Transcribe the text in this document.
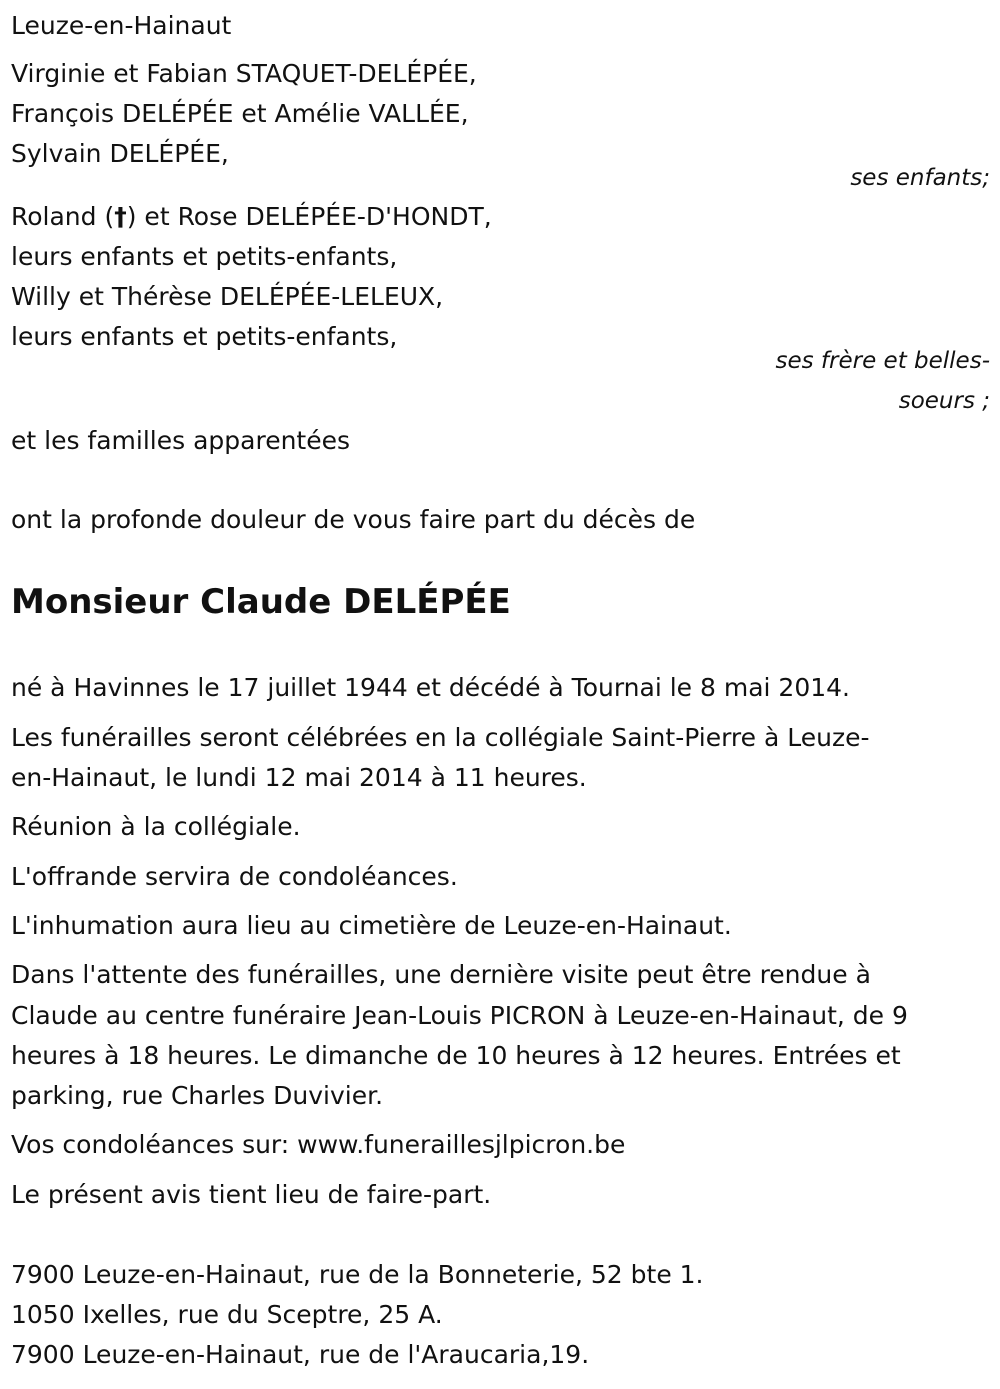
Leuze-en-Hainaut
Virginie et Fabian STAQUET-DELÉPÉE,
François DELÉPÉE et Amélie VALLÉE,
Sylvain DELÉPÉE,
ses enfants;
Roland (†) et Rose DELÉPÉE-D'HONDT,
leurs enfants et petits-enfants,
Willy et Thérèse DELÉPÉE-LELEUX,
leurs enfants et petits-enfants,
ses frère et belles-
soeurs ;
et les familles apparentées
ont la profonde douleur de vous faire part du décès de
Monsieur Claude DELÉPÉE
né à Havinnes le 17 juillet 1944 et décédé à Tournai le 8 mai 2014.
Les funérailles seront célébrées en la collégiale Saint-Pierre à Leuze-
en-Hainaut, le lundi 12 mai 2014 à 11 heures.
Réunion à la collégiale.
L'offrande servira de condoléances.
L'inhumation aura lieu au cimetière de Leuze-en-Hainaut.
Dans l'attente des funérailles, une dernière visite peut être rendue à
Claude au centre funéraire Jean-Louis PICRON à Leuze-en-Hainaut, de 9
heures à 18 heures. Le dimanche de 10 heures à 12 heures. Entrées et
parking, rue Charles Duvivier.
Vos condoléances sur: www.funeraillesjlpicron.be
Le présent avis tient lieu de faire-part.
7900 Leuze-en-Hainaut, rue de la Bonneterie, 52 bte 1.
1050 Ixelles, rue du Sceptre, 25 A.
7900 Leuze-en-Hainaut, rue de l'Araucaria,19.
